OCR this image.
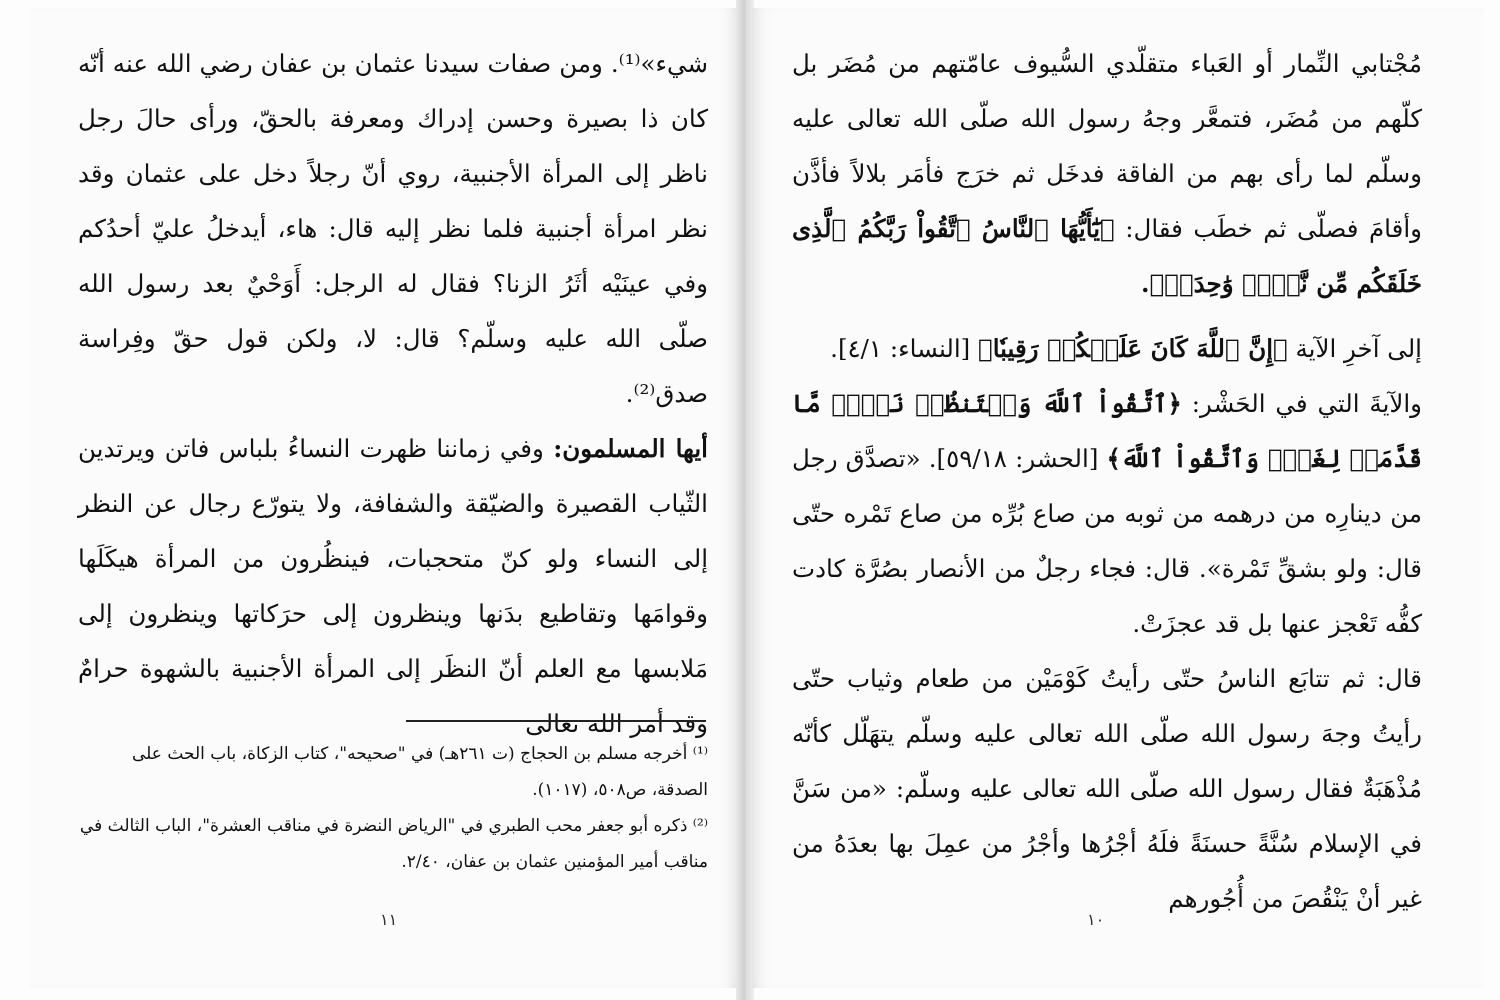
شيء»⁽¹⁾. ومن صفات سيدنا عثمان بن عفان رضي الله عنه أنّه كان ذا بصيرة وحسن إدراك ومعرفة بالحقّ، ورأى حالَ رجل ناظر إلى المرأة الأجنبية، روي أنّ رجلاً دخل على عثمان وقد نظر امرأة أجنبية فلما نظر إليه قال: هاء، أيدخلُ عليّ أحدُكم وفي عينَيْه أثَرُ الزنا؟ فقال له الرجل: أَوَحْيٌ بعد رسول الله صلّى الله عليه وسلّم؟ قال: لا، ولكن قول حقّ وفِراسة صدق⁽²⁾.

أيها المسلمون: وفي زماننا ظهرت النساءُ بلباس فاتن ويرتدين الثّياب القصيرة والضيّقة والشفافة، ولا يتورّع رجال عن النظر إلى النساء ولو كنّ متحجبات، فينظُرون من المرأة هيكَلَها وقوامَها وتقاطيع بدَنها وينظرون إلى حرَكاتها وينظرون إلى مَلابسها مع العلم أنّ النظَر إلى المرأة الأجنبية بالشهوة حرامٌ وقد أمر الله تعالى

⁽¹⁾ أخرجه مسلم بن الحجاج (ت ٢٦١هـ) في "صحيحه"، كتاب الزكاة، باب الحث على الصدقة، ص٥٠٨، (١٠١٧).

⁽²⁾ ذكره أبو جعفر محب الطبري في "الرياض النضرة في مناقب العشرة"، الباب الثالث في مناقب أمير المؤمنين عثمان بن عفان، ٢/٤٠.

١١

مُجْتابي النِّمار أو العَباء متقلّدي السُّيوف عامّتهم من مُضَر بل كلّهم من مُضَر، فتمعَّر وجهُ رسول الله صلّى الله تعالى عليه وسلّم لما رأى بهم من الفاقة فدخَل ثم خرَج فأمَر بلالاً فأذَّن وأقامَ فصلّى ثم خطَب فقال: ﴿يَٰٓأَيُّهَا ٱلنَّاسُ ٱتَّقُواْ رَبَّكُمُ ٱلَّذِى خَلَقَكُم مِّن نَّفۡسٖ وَٰحِدَةٖ﴾.

إلى آخرِ الآية ﴿إِنَّ ٱللَّهَ كَانَ عَلَيۡكُمۡ رَقِيبٗا﴾ [النساء: ٤/١].

والآيةَ التي في الحَشْر: ﴿ٱتَّقُواْ ٱللَّهَ وَلۡتَنظُرۡ نَفۡسٞ مَّا قَدَّمَتۡ لِغَدٖۖ وَٱتَّقُواْ ٱللَّهَ﴾ [الحشر: ٥٩/١٨]. «تصدَّق رجل من دينارِه من درهمه من ثوبه من صاع بُرِّه من صاع تَمْره حتّى قال: ولو بشقِّ تَمْرة». قال: فجاء رجلٌ من الأنصار بصُرَّة كادت كفُّه تَعْجز عنها بل قد عجزَتْ.

قال: ثم تتابَع الناسُ حتّى رأيتُ كَوْمَيْن من طعام وثياب حتّى رأيتُ وجهَ رسول الله صلّى الله تعالى عليه وسلّم يتهَلّل كأنّه مُذْهَبَةٌ فقال رسول الله صلّى الله تعالى عليه وسلّم: «من سَنَّ في الإسلام سُنَّةً حسنَةً فلَهُ أجْرُها وأجْرُ من عمِلَ بها بعدَهُ من غير أنْ يَنْقُصَ من أُجُورهم

١٠
